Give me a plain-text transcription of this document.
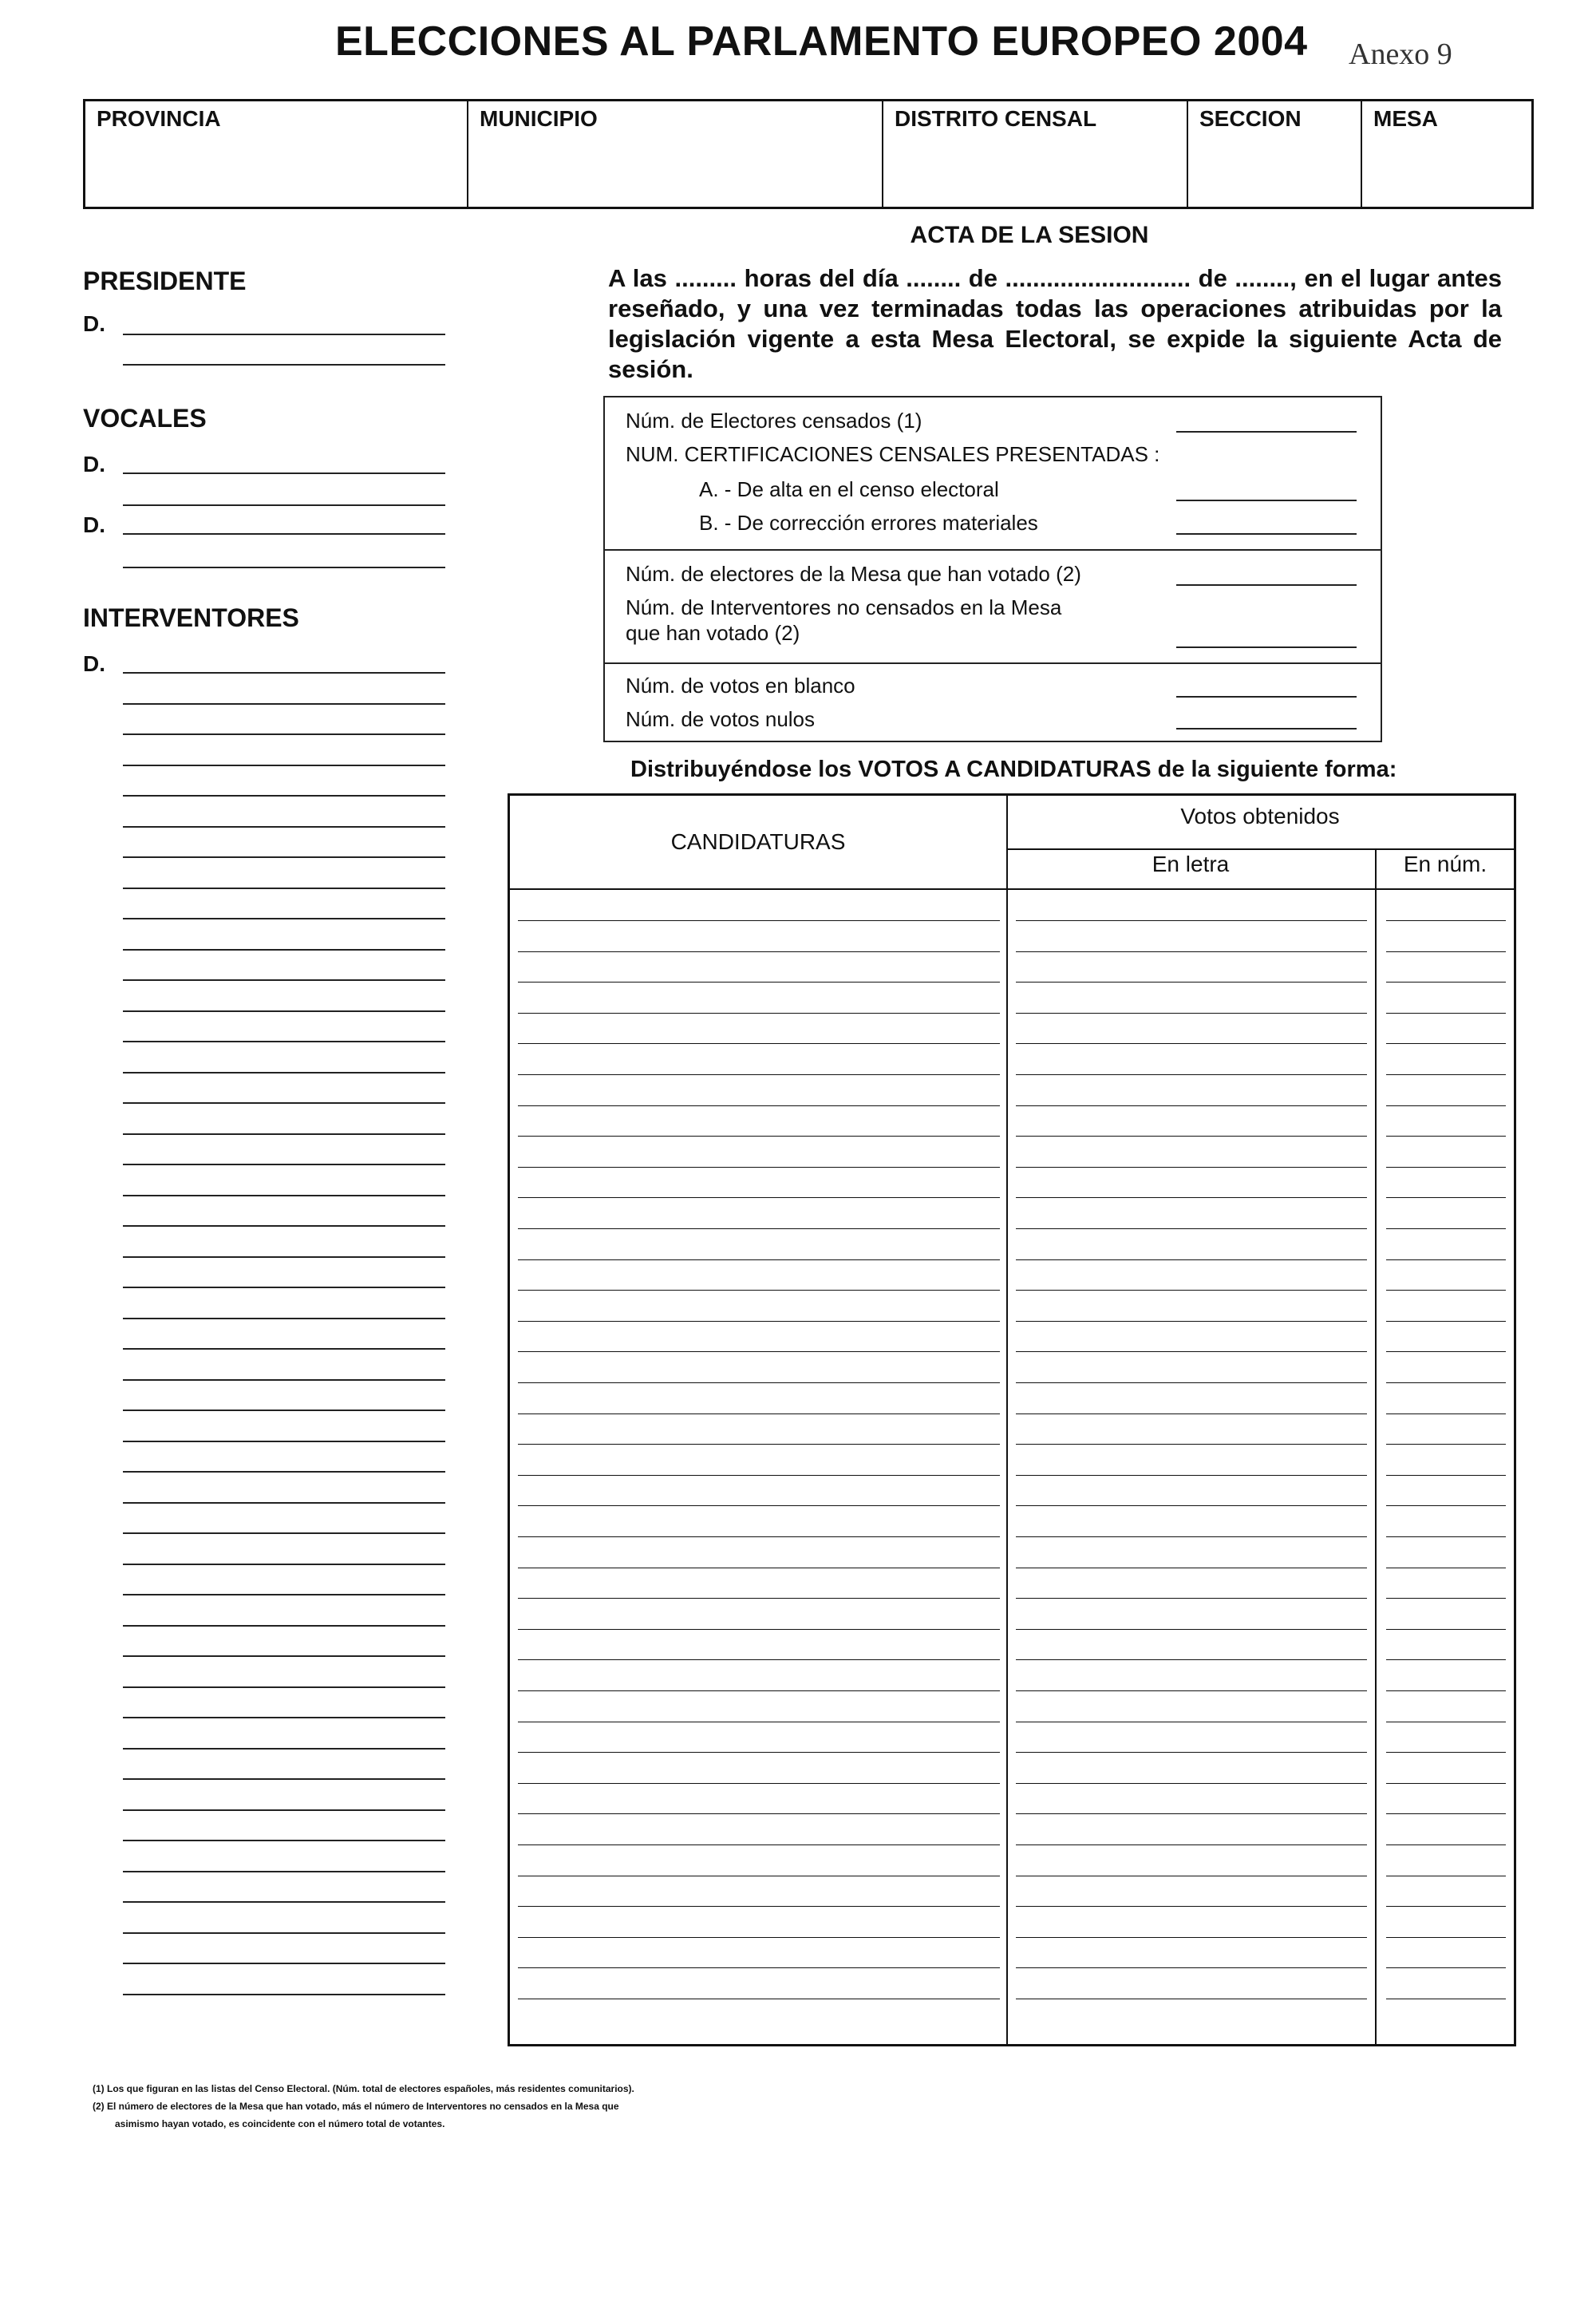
ELECCIONES AL PARLAMENTO EUROPEO 2004	Anexo 9
PROVINCIA	MUNICIPIO	DISTRITO CENSAL	SECCION	MESA
PRESIDENTE
D.
VOCALES
D.
D.
INTERVENTORES
D.
ACTA DE LA SESION
A las ......... horas del día ........ de ........................... de ........, en el lugar antes reseñado, y una vez terminadas todas las operaciones atribuidas por la legislación vigente a esta Mesa Electoral, se expide la siguiente Acta de sesión.
Núm. de Electores censados (1)
NUM. CERTIFICACIONES CENSALES PRESENTADAS :
A. - De alta en el censo electoral
B. - De corrección errores materiales
Núm. de electores de la Mesa que han votado (2)
Núm. de Interventores no censados en la Mesa
que han votado (2)
Núm. de votos en blanco
Núm. de votos nulos
Distribuyéndose los VOTOS A CANDIDATURAS de la siguiente forma:
CANDIDATURAS
Votos obtenidos
En letra	En núm.
(1) Los que figuran en las listas del Censo Electoral. (Núm. total de electores españoles, más residentes comunitarios).
(2) El número de electores de la Mesa que han votado, más el número de Interventores no censados en la Mesa que
asimismo hayan votado, es coincidente con el número total de votantes.
